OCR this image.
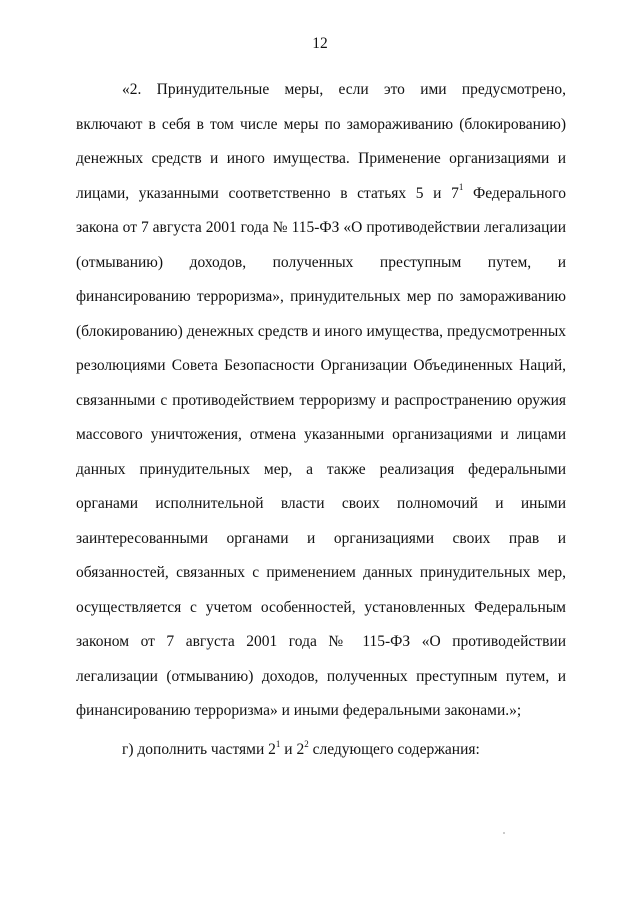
12

«2. Принудительные меры, если это ими предусмотрено, включают в себя в том числе меры по замораживанию (блокированию) денежных средств и иного имущества. Применение организациями и лицами, указанными соответственно в статьях 5 и $7^1$ Федерального закона от 7 августа 2001 года № 115-ФЗ «О противодействии легализации (отмыванию) доходов, полученных преступным путем, и финансированию терроризма», принудительных мер по замораживанию (блокированию) денежных средств и иного имущества, предусмотренных резолюциями Совета Безопасности Организации Объединенных Наций, связанными с противодействием терроризму и распространению оружия массового уничтожения, отмена указанными организациями и лицами данных принудительных мер, а также реализация федеральными органами исполнительной власти своих полномочий и иными заинтересованными органами и организациями своих прав и обязанностей, связанных с применением данных принудительных мер, осуществляется с учетом особенностей, установленных Федеральным законом от 7 августа 2001 года № 115-ФЗ «О противодействии легализации (отмыванию) доходов, полученных преступным путем, и финансированию терроризма» и иными федеральными законами.»;

г) дополнить частями $2^1$ и $2^2$ следующего содержания:
